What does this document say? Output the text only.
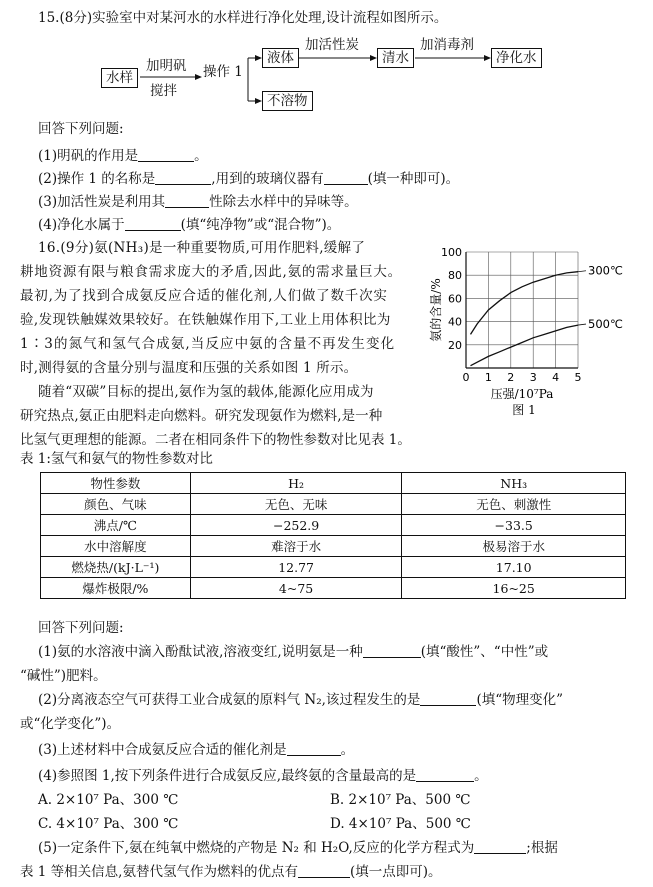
15.(8分)实验室中对某河水的水样进行净化处理,设计流程如图所示。
水样
加明矾
搅拌
操作 1
液体
加活性炭
清水
加消毒剂
净化水
不溶物
回答下列问题:
(1)明矾的作用是	。
(2)操作 1 的名称是	,用到的玻璃仪器有	(填一种即可)。
(3)加活性炭是利用其	性除去水样中的异味等。
(4)净化水属于	(填“纯净物”或“混合物”)。
16.(9分)氨(NH₃)是一种重要物质,可用作肥料,缓解了
耕地资源有限与粮食需求庞大的矛盾,因此,氨的需求量巨大。
最初,为了找到合成氨反应合适的催化剂,人们做了数千次实
验,发现铁触媒效果较好。在铁触媒作用下,工业上用体积比为
1∶3的氮气和氢气合成氨,当反应中氨的含量不再发生变化
时,测得氨的含量分别与温度和压强的关系如图 1 所示。
随着“双碳”目标的提出,氨作为氢的载体,能源化应用成为
研究热点,氨正由肥料走向燃料。研究发现氨作为燃料,是一种
比氢气更理想的能源。二者在相同条件下的物性参数对比见表 1。
0 1 2 3 4 5
20
40
60
80
100
氨的含量/%
压强/10⁷Pa
图 1
300℃
500℃
表 1:氢气和氨气的物性参数对比
物性参数	H₂	NH₃
颜色、气味	无色、无味	无色、刺激性
沸点/℃	−252.9	−33.5
水中溶解度	难溶于水	极易溶于水
燃烧热/(kJ·L⁻¹)	12.77	17.10
爆炸极限/%	4~75	16~25
回答下列问题:
(1)氨的水溶液中滴入酚酞试液,溶液变红,说明氨是一种	(填“酸性”、“中性”或
“碱性”)肥料。
(2)分离液态空气可获得工业合成氨的原料气 N₂,该过程发生的是	(填“物理变化”
或“化学变化”)。
(3)上述材料中合成氨反应合适的催化剂是	。
(4)参照图 1,按下列条件进行合成氨反应,最终氨的含量最高的是	。
A. 2×10⁷ Pa、300 ℃	B. 2×10⁷ Pa、500 ℃
C. 4×10⁷ Pa、300 ℃	D. 4×10⁷ Pa、500 ℃
(5)一定条件下,氨在纯氧中燃烧的产物是 N₂ 和 H₂O,反应的化学方程式为	;根据
表 1 等相关信息,氨替代氢气作为燃料的优点有	(填一点即可)。
